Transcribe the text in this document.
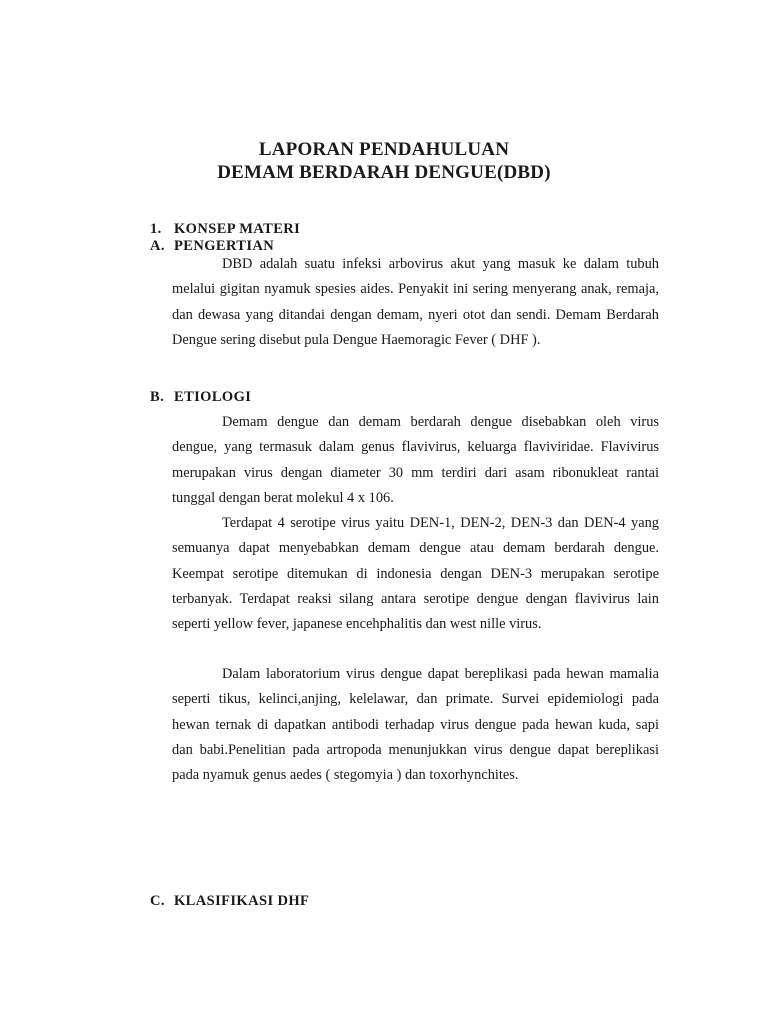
LAPORAN PENDAHULUAN
DEMAM BERDARAH DENGUE(DBD)
1. KONSEP MATERI
A. PENGERTIAN

DBD adalah suatu infeksi arbovirus akut yang masuk ke dalam tubuh melalui gigitan nyamuk spesies aides. Penyakit ini sering menyerang anak, remaja, dan dewasa yang ditandai dengan demam, nyeri otot dan sendi. Demam Berdarah Dengue sering disebut pula Dengue Haemoragic Fever ( DHF ).

B. ETIOLOGI

Demam dengue dan demam berdarah dengue disebabkan oleh virus dengue, yang termasuk dalam genus flavivirus, keluarga flaviviridae. Flavivirus merupakan virus dengan diameter 30 mm terdiri dari asam ribonukleat rantai tunggal dengan berat molekul 4 x 106.

Terdapat 4 serotipe virus yaitu DEN-1, DEN-2, DEN-3 dan DEN-4 yang semuanya dapat menyebabkan demam dengue atau demam berdarah dengue. Keempat serotipe ditemukan di indonesia dengan DEN-3 merupakan serotipe terbanyak. Terdapat reaksi silang antara serotipe dengue dengan flavivirus lain seperti yellow fever, japanese encehphalitis dan west nille virus.

Dalam laboratorium virus dengue dapat bereplikasi pada hewan mamalia seperti tikus, kelinci,anjing, kelelawar, dan primate. Survei epidemiologi pada hewan ternak di dapatkan antibodi terhadap virus dengue pada hewan kuda, sapi dan babi.Penelitian pada artropoda menunjukkan virus dengue dapat bereplikasi pada nyamuk genus aedes ( stegomyia ) dan toxorhynchites.

C. KLASIFIKASI DHF
